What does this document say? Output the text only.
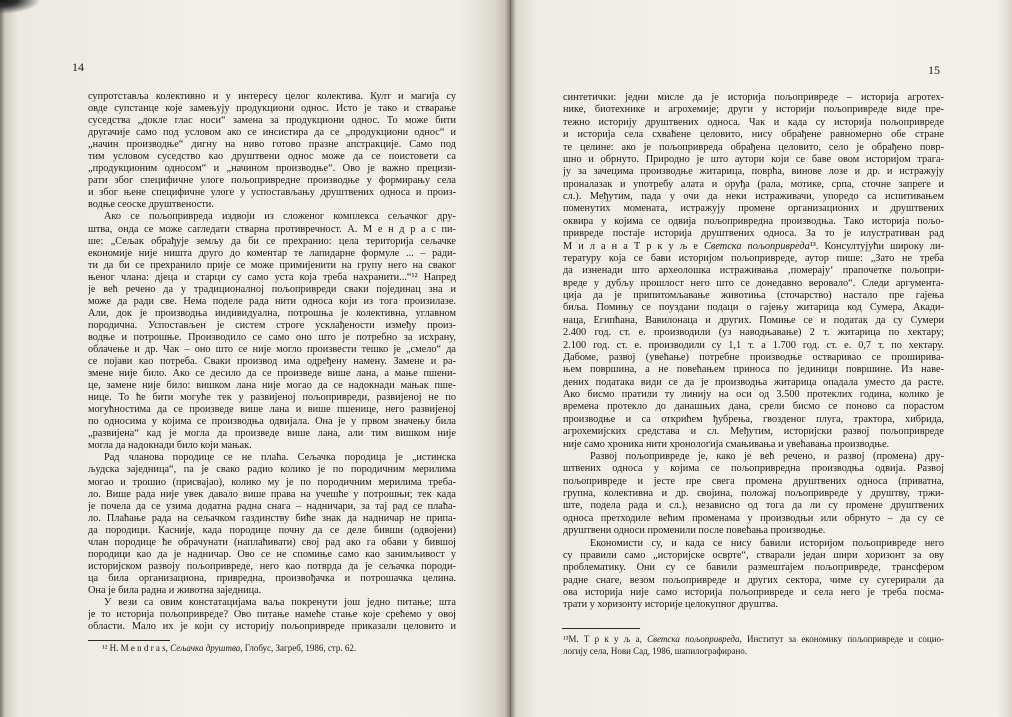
14
супротставља колективно и у интересу целог колектива. Култ и магија су
овде супстанце које замењују продукциони однос. Исто је тако и стварање
суседства „докле глас носи“ замена за продукциони однос. То може бити
другачије само под условом ако се инсистира да се „продукциони однос“ и
„начин производње“ дигну на ниво готово празне апстракције. Само под
тим условом суседство као друштвени однос може да се поистовети са
„продукционим односом“ и „начином производње“. Ово је важно прецизи-
рати због специфичне улоге пољопривредне производње у формирању села
и због њене специфичне улоге у успостављању друштвених односа и произ-
водње сеоске друштвености.
Ако се пољопривреда издвоји из сложеног комплекса сељачког дру-
штва, онда се може сагледати стварна противречност. А. М е н д р а с пи-
ше: „Сељак обрађује земљу да би се прехранио: цела територија сељачке
економије није ништа друго до коментар те лапидарне формуле ... – ради-
ти да би се прехранило прије се може примијенити на групу него на сваког
њеног члана: дјеца и старци су само уста која треба нахранити...“¹² Напред
је већ речено да у традиционалној пољопривреди сваки појединац зна и
може да ради све. Нема поделе рада нити односа који из тога произилазе.
Али, док је производња индивидуална, потрошња је колективна, углавном
породична. Успостављен је систем строге усклађености између произ-
водње и потрошње. Производило се само оно што је потребно за исхрану,
облачење и др. Чак – оно што се није могло произвести тешко је „смело“ да
се појави као потреба. Сваки производ има одређену намену. Замене и ра-
змене није било. Ако се десило да се произведе више лана, а мање пшени-
це, замене није било: вишком лана није могао да се надокнади мањак пше-
нице. То ће бити могуће тек у развијеној пољопривреди, развијеној не по
могућностима да се произведе више лана и више пшенице, него развијеној
по односима у којима се производња одвијала. Она је у првом значењу била
„развијена“ кад је могла да произведе више лана, али тим вишком није
могла да надокнади било који мањак.
Рад чланова породице се не плаћа. Сељачка породица је „истинска
људска заједница“, па је свако радио колико је по породичним мерилима
могао и трошио (присвајао), колико му је по породичним мерилима треба-
ло. Више рада није увек давало више права на учешће у потрошњи; тек када
је почела да се узима додатна радна снага – надничари, за тај рад се плаћа-
ло. Плаћање рада на сељачком газдинству биће знак да надничар не припа-
да породици. Касније, када породице почну да се деле бивши (одвојени)
члан породице ће обрачунати (наплаћивати) свој рад ако га обави у бившој
породици као да је надничар. Ово се не спомиње само као занимљивост у
историјском развоју пољопривреде, него као потврда да је сељачка породи-
ца била организациона, привредна, произвођачка и потрошачка целина.
Она је била радна и животна заједница.
У вези са овим констатацијама ваља покренути још једно питање; шта
је то историја пољопривреде? Ово питање намеће стање које срећемо у овој
области. Мало их је који су историју пољопривреде приказали целовито и
¹² Н. М e n d r a s, Сељачка друштва, Глобус, Загреб, 1986, стр. 62.
15
синтетички: једни мисле да је историја пољопривреде – историја агротех-
нике, биотехнике и агрохемије; други у историји пољопривреде виде пре-
тежно историју друштвених односа. Чак и када су историја пољопривреде
и историја села схваћене целовито, нису обрађене равномерно обе стране
те целине: ако је пољопривреда обрађена целовито, село је обрађено повр-
шно и обрнуто. Природно је што аутори који се баве овом историјом трага-
ју за зачецима производње житарица, поврћа, винове лозе и др. и истражују
проналазак и употребу алата и оруђа (рала, мотике, српа, сточне запреге и
сл.). Међутим, пада у очи да неки истраживачи, упоредо са испитивањем
поменутих момената, истражују промене организационих и друштвених
оквира у којима се одвија пољопривредна производња. Тако историја пољо-
привреде постаје историја друштвених односа. За то је илустративан рад
М и л а н а Т р к у љ е Светска пољопривреда¹³. Консултујући широку ли-
тературу која се бави историјом пољопривреде, аутор пише: „Зато не треба
да изненади што археолошка истраживања ‚померају‘ прапочетке пољопри-
вреде у дубљу прошлост него што се донедавно веровало“. Следи аргумента-
ција да је припитомљавање животиња (сточарство) настало пре гајења
биља. Помињу се поуздани подаци о гајењу житарица код Сумера, Акади-
наца, Египћана, Вавилонаца и других. Помиње се и податак да су Сумери
2.400 год. ст. е. производили (уз наводњавање) 2 т. житарица по хектару;
2.100 год. ст. е. производили су 1,1 т. а 1.700 год. ст. е. 0,7 т. по хектару.
Дабоме, развој (увећање) потребне производње остваривао се проширива-
њем површина, а не повећањем приноса по јединици површине. Из наве-
дених података види се да је производња житарица опадала уместо да расте.
Ако бисмо пратили ту линију на оси од 3.500 протеклих година, колико је
времена протекло до данашњих дана, срели бисмо се поново са порастом
производње и са открићем ђубрења, гвозденог плуга, трактора, хибрида,
агрохемијских средстава и сл. Међутим, историјски развој пољопривреде
није само хроника нити хронологија смањивања и увећавања производње.
Развој пољопривреде је, како је већ речено, и развој (промена) дру-
штвених односа у којима се пољопривредна производња одвија. Развој
пољопривреде и јесте пре свега промена друштвених односа (приватна,
групна, колективна и др. својина, положај пољопривреде у друштву, тржи-
ште, подела рада и сл.), независно од тога да ли су промене друштвених
односа претходиле већим променама у производњи или обрнуто – да су се
друштвени односи променили после повећања производње.
Економисти су, и када се нису бавили историјом пољопривреде него
су правили само „историјске осврте“, стварали један шири хоризонт за ову
проблематику. Они су се бавили размештајем пољопривреде, трансфером
радне снаге, везом пољопривреде и других сектора, чиме су сугерирали да
ова историја није само историја пољопривреде и села него је треба посма-
трати у хоризонту историје целокупног друштва.
¹³М. Т р к у љ а, Светска пољопривреда, Институт за економику пољопривреде и социо-
логију села, Нови Сад, 1986, шапилографирано.
